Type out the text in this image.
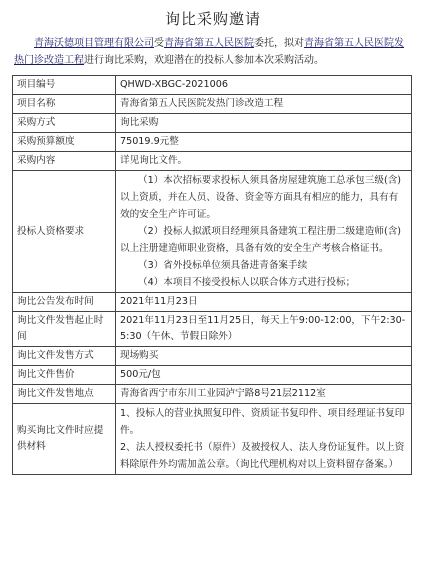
询比采购邀请

青海沃德项目管理有限公司受青海省第五人民医院委托，拟对青海省第五人民医院发热门诊改造工程进行询比采购，欢迎潜在的投标人参加本次采购活动。

项目编号	QHWD-XBGC-2021006
项目名称	青海省第五人民医院发热门诊改造工程
采购方式	询比采购
采购预算额度	75019.9元整
采购内容	详见询比文件。
投标人资格要求	（1）本次招标要求投标人须具备房屋建筑施工总承包三级(含)以上资质，并在人员、设备、资金等方面具有相应的能力，具有有效的安全生产许可证。
（2）投标人拟派项目经理须具备建筑工程注册二级建造师(含)以上注册建造师职业资格，具备有效的安全生产考核合格证书。
（3）省外投标单位须具备进青备案手续
（4）本项目不接受投标人以联合体方式进行投标；

询比公告发布时间	2021年11月23日
询比文件发售起止时间	2021年11月23日至11月25日，每天上午9:00-12:00，下午2:30-5:30（午休、节假日除外）
询比文件发售方式	现场购买
询比文件售价	500元/包
询比文件发售地点	青海省西宁市东川工业园泸宁路8号21层2112室
购买询比文件时应提供材料	1、投标人的营业执照复印件、资质证书复印件、项目经理证书复印件。
2、法人授权委托书（原件）及被授权人、法人身份证复件。以上资料除原件外均需加盖公章。（询比代理机构对以上资料留存备案。）
